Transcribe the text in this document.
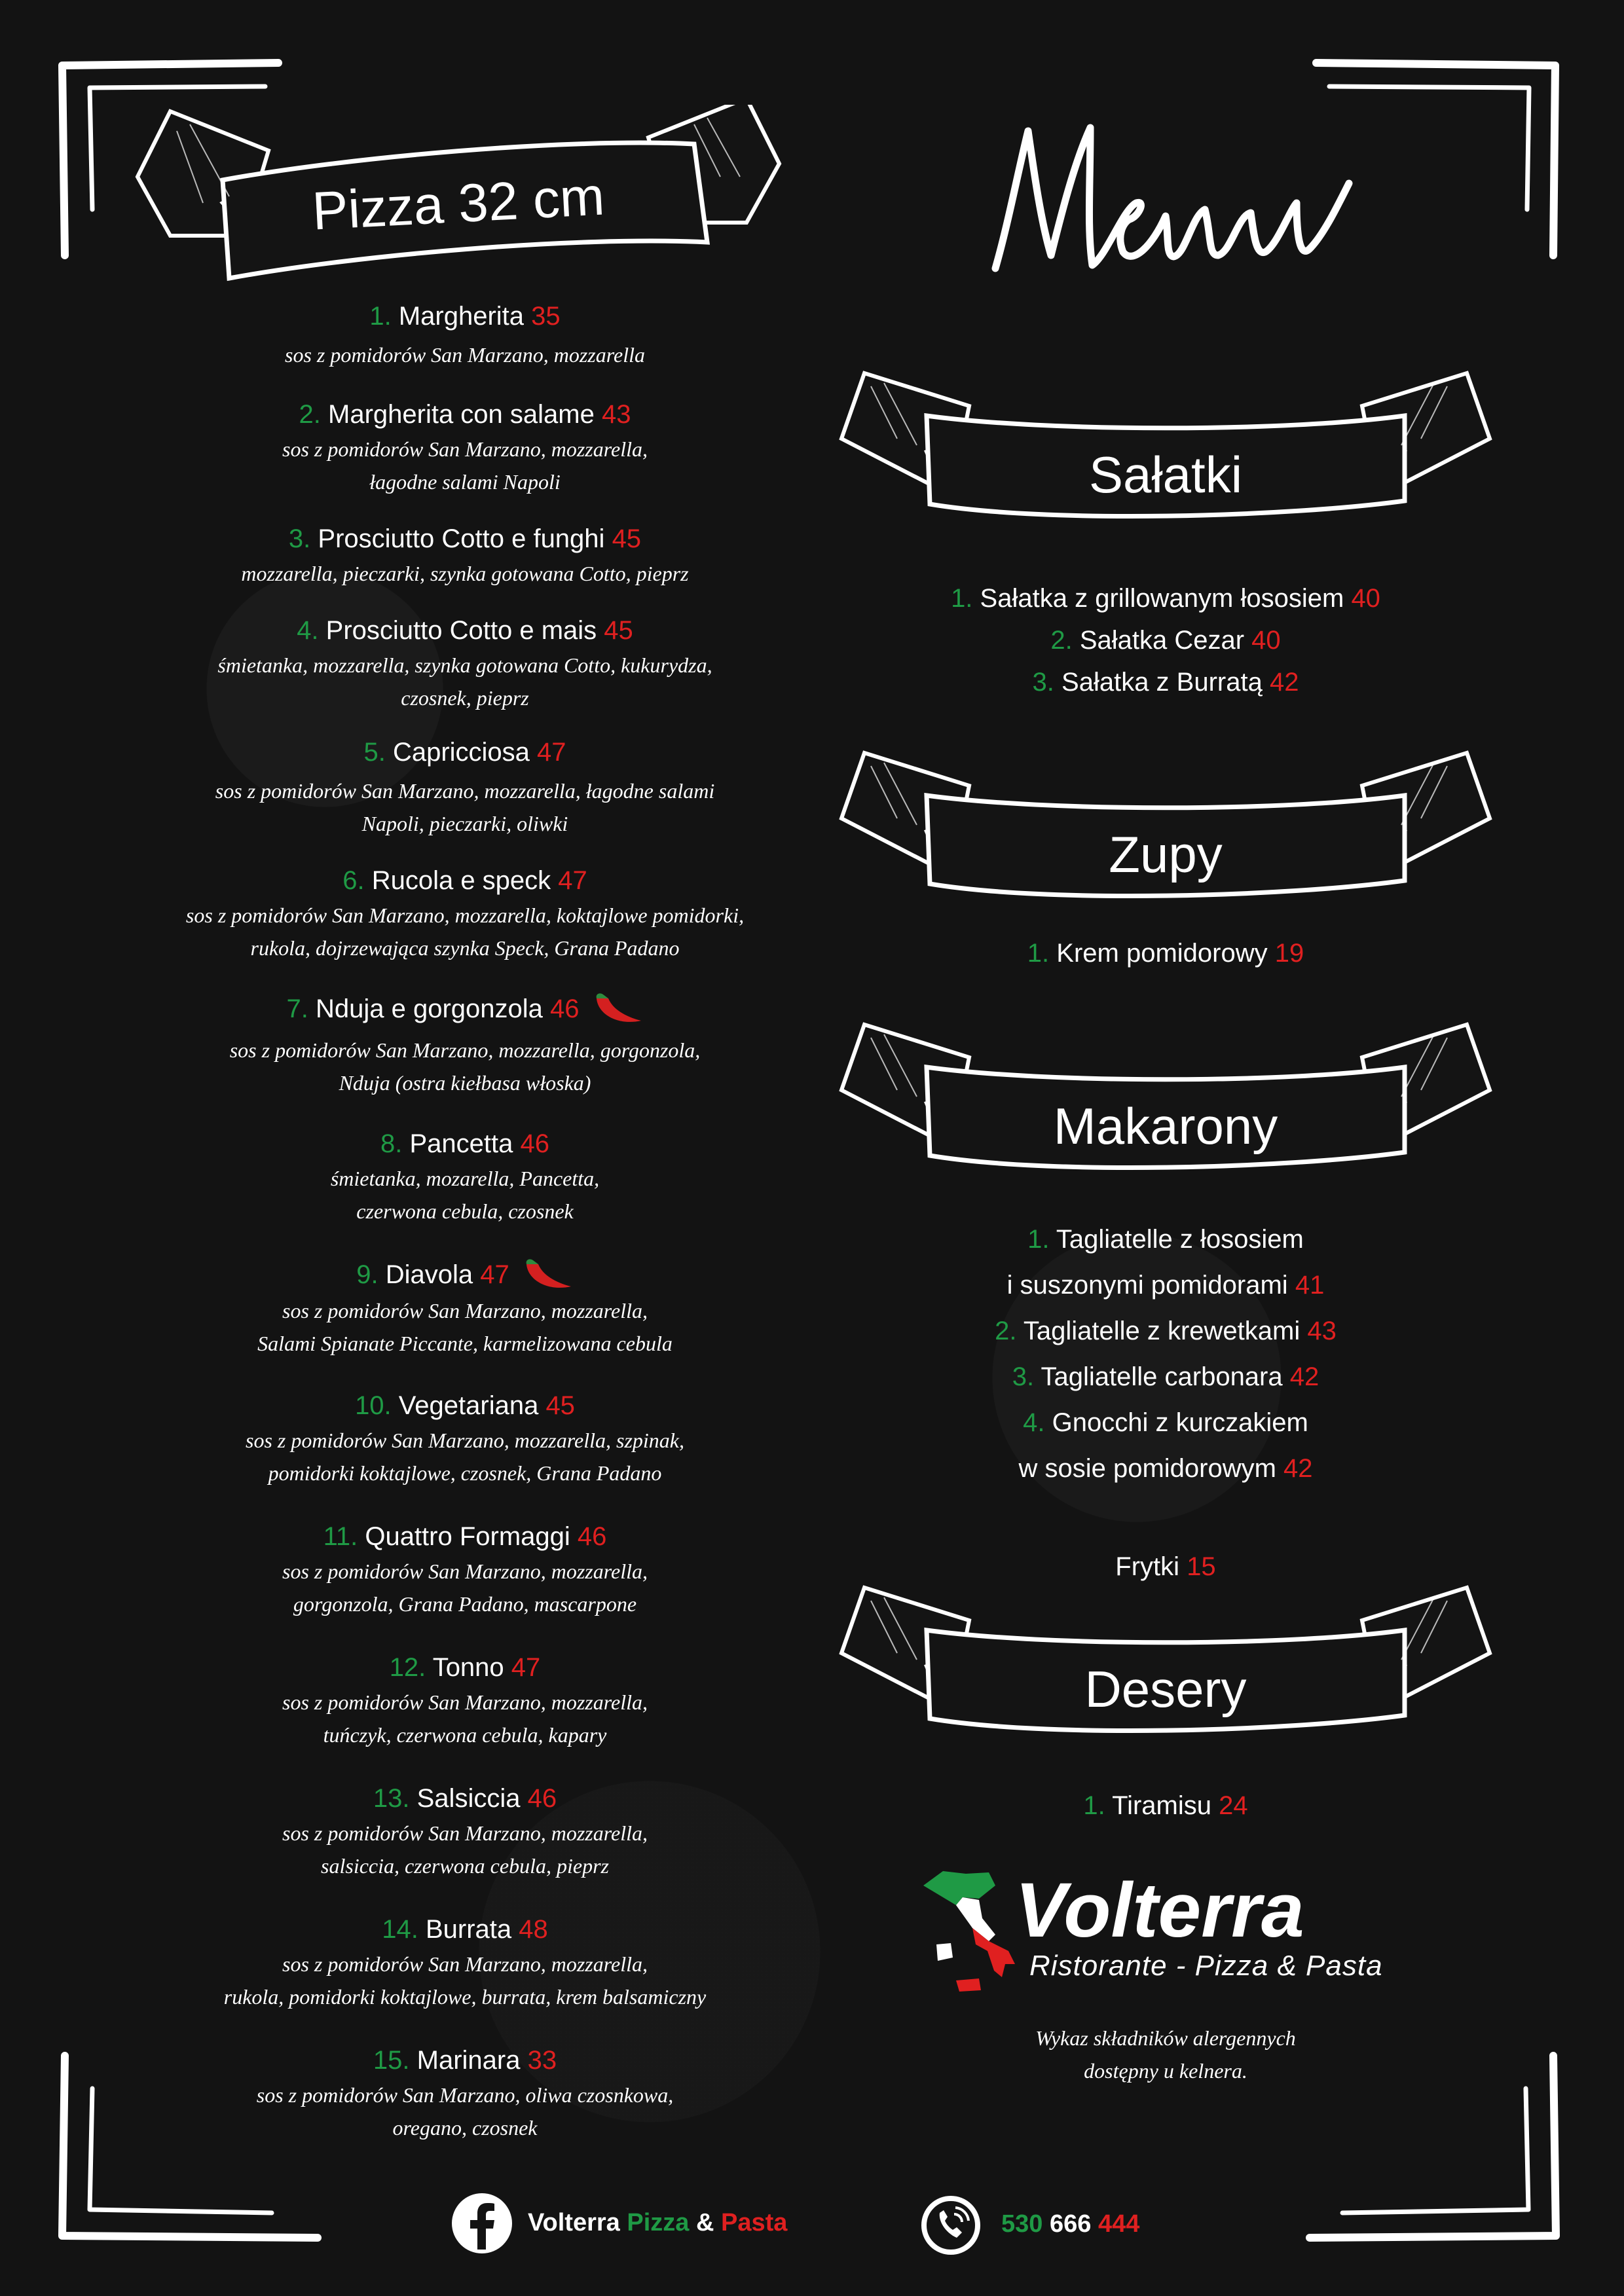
Pizza 32 cm
1. Margherita 35
sos z pomidorów San Marzano, mozzarella
2. Margherita con salame 43
sos z pomidorów San Marzano, mozzarella,
łagodne salami Napoli
3. Prosciutto Cotto e funghi 45
mozzarella, pieczarki, szynka gotowana Cotto, pieprz
4. Prosciutto Cotto e mais 45
śmietanka, mozzarella, szynka gotowana Cotto, kukurydza,
czosnek, pieprz
5. Capricciosa 47
sos z pomidorów San Marzano, mozzarella, łagodne salami
Napoli, pieczarki, oliwki
6. Rucola e speck 47
sos z pomidorów San Marzano, mozzarella, koktajlowe pomidorki,
rukola, dojrzewająca szynka Speck, Grana Padano
7. Nduja e gorgonzola 46
sos z pomidorów San Marzano, mozzarella, gorgonzola,
Nduja (ostra kiełbasa włoska)
8. Pancetta 46
śmietanka, mozarella, Pancetta,
czerwona cebula, czosnek
9. Diavola 47
sos z pomidorów San Marzano, mozzarella,
Salami Spianate Piccante, karmelizowana cebula
10. Vegetariana 45
sos z pomidorów San Marzano, mozzarella, szpinak,
pomidorki koktajlowe, czosnek, Grana Padano
11. Quattro Formaggi 46
sos z pomidorów San Marzano, mozzarella,
gorgonzola, Grana Padano, mascarpone
12. Tonno 47
sos z pomidorów San Marzano, mozzarella,
tuńczyk, czerwona cebula, kapary
13. Salsiccia 46
sos z pomidorów San Marzano, mozzarella,
salsiccia, czerwona cebula, pieprz
14. Burrata 48
sos z pomidorów San Marzano, mozzarella,
rukola, pomidorki koktajlowe, burrata, krem balsamiczny
15. Marinara 33
sos z pomidorów San Marzano, oliwa czosnkowa,
oregano, czosnek
Sałatki
1. Sałatka z grillowanym łososiem 40
2. Sałatka Cezar 40
3. Sałatka z Burratą 42
Zupy
1. Krem pomidorowy 19
Makarony
1. Tagliatelle z łososiem
i suszonymi pomidorami 41
2. Tagliatelle z krewetkami 43
3. Tagliatelle carbonara 42
4. Gnocchi z kurczakiem
w sosie pomidorowym 42
Frytki 15
Desery
1. Tiramisu 24
Volterra
Ristorante - Pizza & Pasta
Wykaz składników alergennych
dostępny u kelnera.
Volterra Pizza & Pasta	530 666 444
